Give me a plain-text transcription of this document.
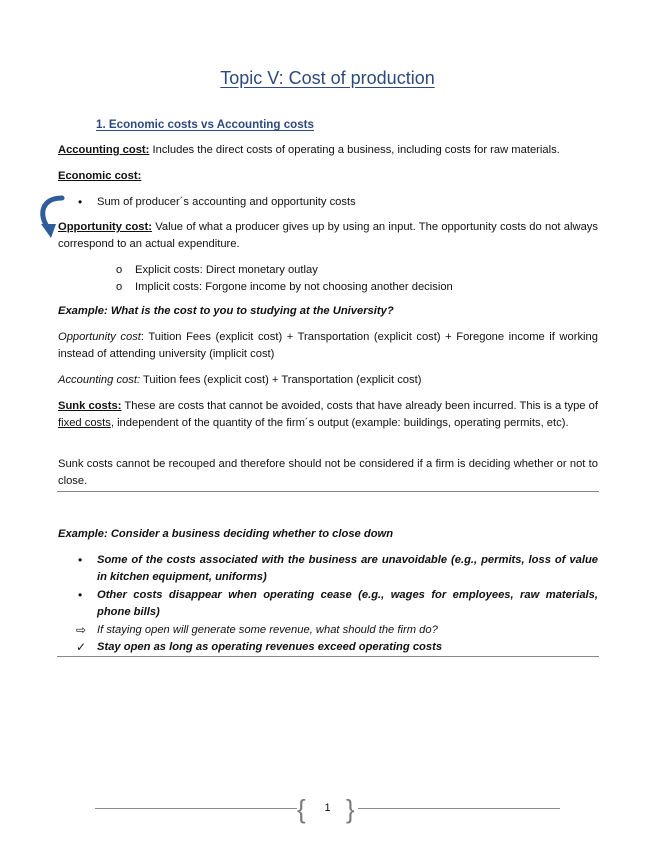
Topic V: Cost of production
1. Economic costs vs Accounting costs
Accounting cost: Includes the direct costs of operating a business, including costs for raw materials.
Economic cost:
• Sum of producer´s accounting and opportunity costs
Opportunity cost: Value of what a producer gives up by using an input. The opportunity costs do not always correspond to an actual expenditure.
o Explicit costs: Direct monetary outlay
o Implicit costs: Forgone income by not choosing another decision
Example: What is the cost to you to studying at the University?
Opportunity cost: Tuition Fees (explicit cost) + Transportation (explicit cost) + Foregone income if working instead of attending university (implicit cost)
Accounting cost: Tuition fees (explicit cost) + Transportation (explicit cost)
Sunk costs: These are costs that cannot be avoided, costs that have already been incurred. This is a type of fixed costs, independent of the quantity of the firm´s output (example: buildings, operating permits, etc).
Sunk costs cannot be recouped and therefore should not be considered if a firm is deciding whether or not to close.
Example: Consider a business deciding whether to close down
• Some of the costs associated with the business are unavoidable (e.g., permits, loss of value in kitchen equipment, uniforms)
• Other costs disappear when operating cease (e.g., wages for employees, raw materials, phone bills)
⇨ If staying open will generate some revenue, what should the firm do?
✓ Stay open as long as operating revenues exceed operating costs
{	1 }
